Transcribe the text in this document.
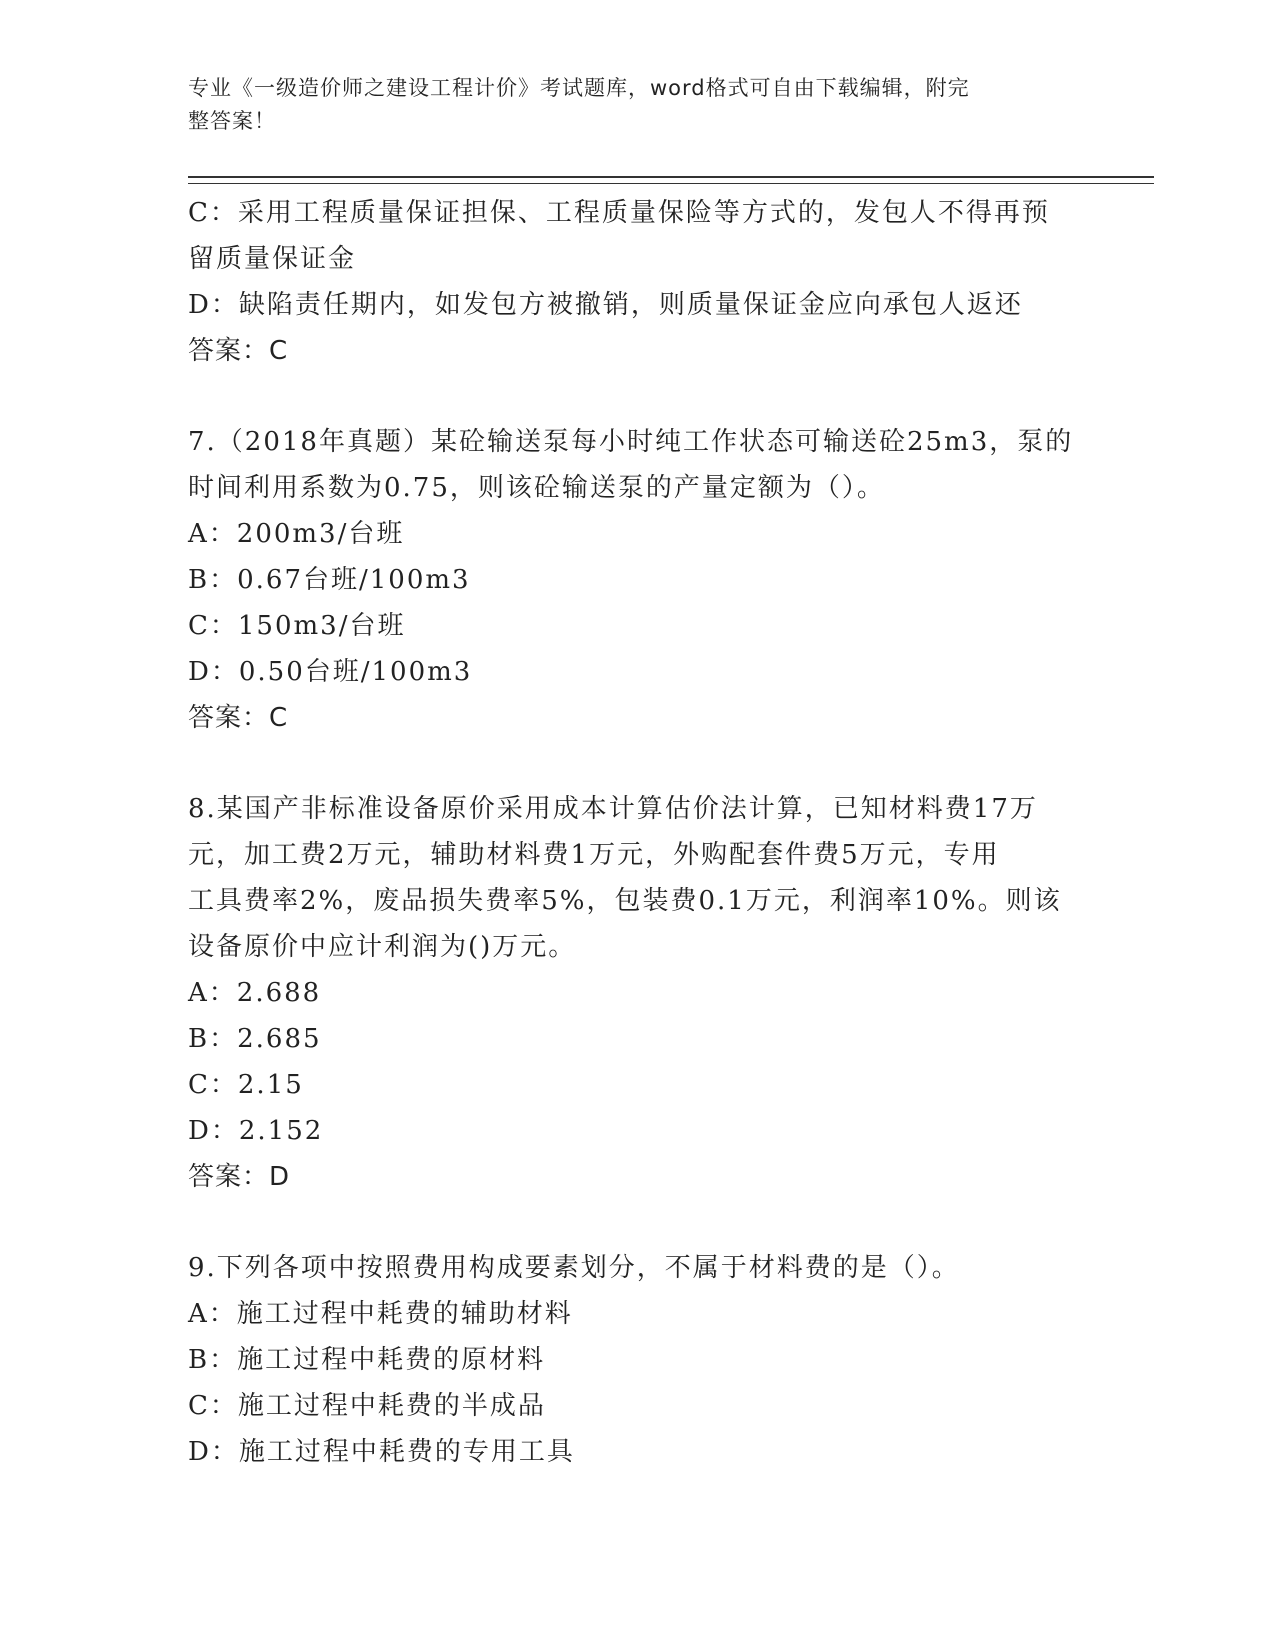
专业《一级造价师之建设工程计价》考试题库，word格式可自由下载编辑，附完
整答案！
C：采用工程质量保证担保、工程质量保险等方式的，发包人不得再预
留质量保证金
D：缺陷责任期内，如发包方被撤销，则质量保证金应向承包人返还
答案：C
7.（2018年真题）某砼输送泵每小时纯工作状态可输送砼25m3，泵的
时间利用系数为0.75，则该砼输送泵的产量定额为（）。
A：200m3/台班
B：0.67台班/100m3
C：150m3/台班
D：0.50台班/100m3
答案：C
8.某国产非标准设备原价采用成本计算估价法计算，已知材料费17万
元，加工费2万元，辅助材料费1万元，外购配套件费5万元，专用
工具费率2%，废品损失费率5%，包装费0.1万元，利润率10%。则该
设备原价中应计利润为()万元。
A：2.688
B：2.685
C：2.15
D：2.152
答案：D
9.下列各项中按照费用构成要素划分，不属于材料费的是（）。
A：施工过程中耗费的辅助材料
B：施工过程中耗费的原材料
C：施工过程中耗费的半成品
D：施工过程中耗费的专用工具
